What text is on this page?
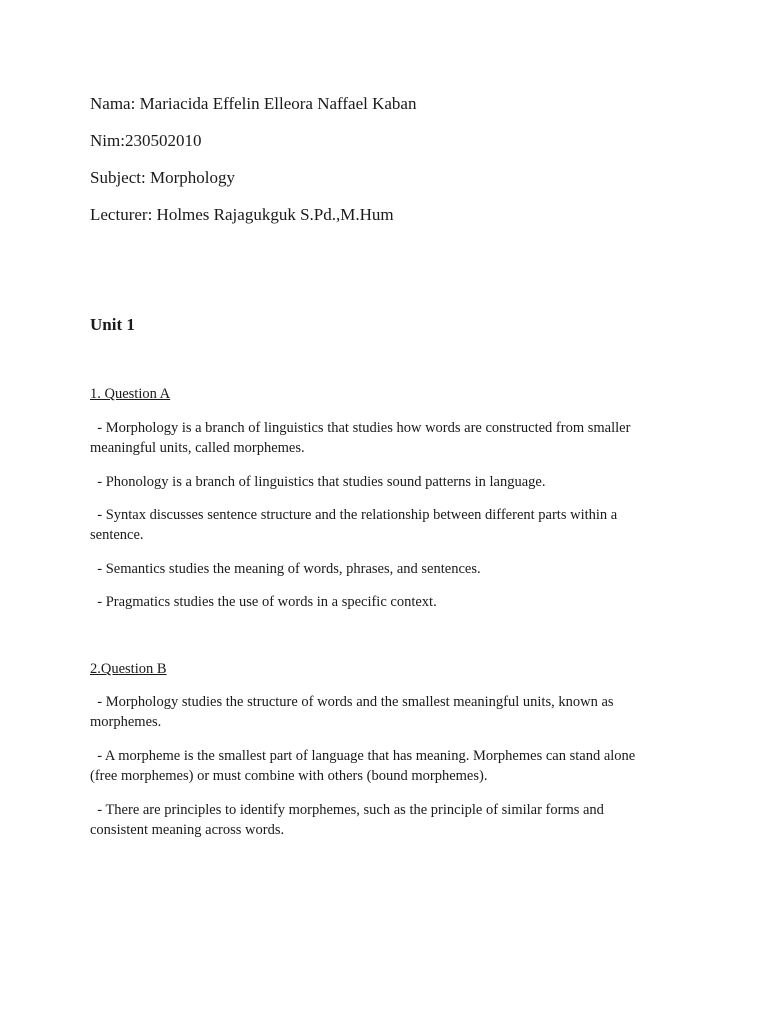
Nama: Mariacida Effelin Elleora Naffael Kaban
Nim:230502010
Subject: Morphology
Lecturer: Holmes Rajagukguk S.Pd.,M.Hum
Unit 1
1. Question A
- Morphology is a branch of linguistics that studies how words are constructed from smaller meaningful units, called morphemes.
- Phonology is a branch of linguistics that studies sound patterns in language.
- Syntax discusses sentence structure and the relationship between different parts within a sentence.
- Semantics studies the meaning of words, phrases, and sentences.
- Pragmatics studies the use of words in a specific context.
2.Question B
- Morphology studies the structure of words and the smallest meaningful units, known as morphemes.
- A morpheme is the smallest part of language that has meaning. Morphemes can stand alone (free morphemes) or must combine with others (bound morphemes).
- There are principles to identify morphemes, such as the principle of similar forms and consistent meaning across words.
